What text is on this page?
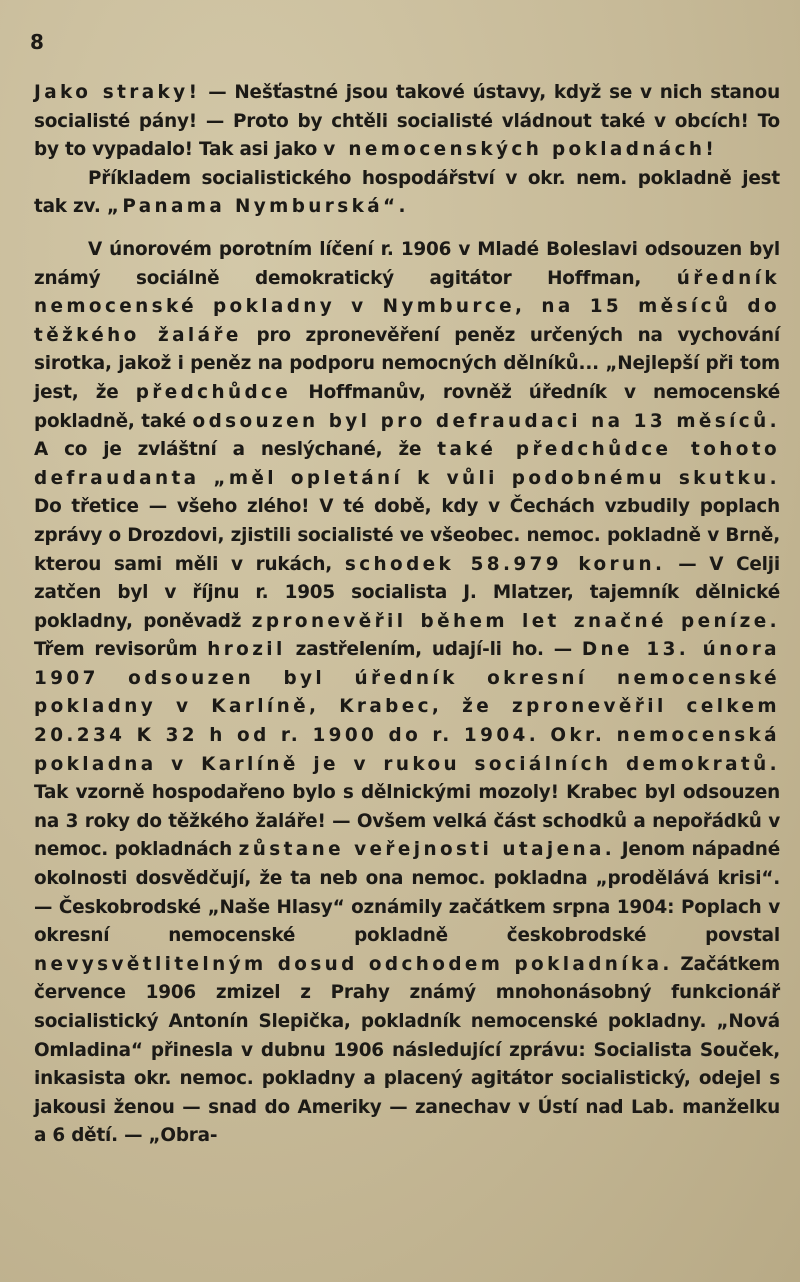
8

Jako straky! — Nešťastné jsou takové ústavy, když se v nich stanou socialisté pány! — Proto by chtěli socialisté vládnout také v obcích! To by to vypadalo! Tak asi jako v nemocenských pokladnách!

Příkladem socialistického hospodářství v okr. nem. pokladně jest tak zv. „Panama Nymburská“.

V únorovém porotním líčení r. 1906 v Mladé Boleslavi odsouzen byl známý sociálně demokratický agitátor Hoffman, úředník nemocenské pokladny v Nymburce, na 15 měsíců do těžkého žaláře pro zpronevěření peněz určených na vychování sirotka, jakož i peněz na podporu nemocných dělníků... „Nejlepší při tom jest, že předchůdce Hoffmanův, rovněž úředník v nemocenské pokladně, také odsouzen byl pro defraudaci na 13 měsíců. A co je zvláštní a neslýchané, že také předchůdce tohoto defraudanta „měl opletání k vůli podobnému skutku. Do třetice — všeho zlého! V té době, kdy v Čechách vzbudily poplach zprávy o Drozdovi, zjistili socialisté ve všeobec. nemoc. pokladně v Brně, kterou sami měli v rukách, schodek 58.979 korun. — V Celji zatčen byl v říjnu r. 1905 socialista J. Mlatzer, tajemník dělnické pokladny, poněvadž zpronevěřil během let značné peníze. Třem revisorům hrozil zastřelením, udají-li ho. — Dne 13. února 1907 odsouzen byl úředník okresní nemocenské pokladny v Karlíně, Krabec, že zpronevěřil celkem 20.234 K 32 h od r. 1900 do r. 1904. Okr. nemocenská pokladna v Karlíně je v rukou sociálních demokratů. Tak vzorně hospodařeno bylo s dělnickými mozoly! Krabec byl odsouzen na 3 roky do těžkého žaláře! — Ovšem velká část schodků a nepořádků v nemoc. pokladnách zůstane veřejnosti utajena. Jenom nápadné okolnosti dosvědčují, že ta neb ona nemoc. pokladna „prodělává krisi“. — Českobrodské „Naše Hlasy“ oznámily začátkem srpna 1904: Poplach v okresní nemocenské pokladně českobrodské povstal nevysvětlitelným dosud odchodem pokladníka. Začátkem července 1906 zmizel z Prahy známý mnohonásobný funkcionář socialistický Antonín Slepička, pokladník nemocenské pokladny. „Nová Omladina“ přinesla v dubnu 1906 následující zprávu: Socialista Souček, inkasista okr. nemoc. pokladny a placený agitátor socialistický, odejel s jakousi ženou — snad do Ameriky — zanechav v Ústí nad Lab. manželku a 6 dětí. — „Obra-
